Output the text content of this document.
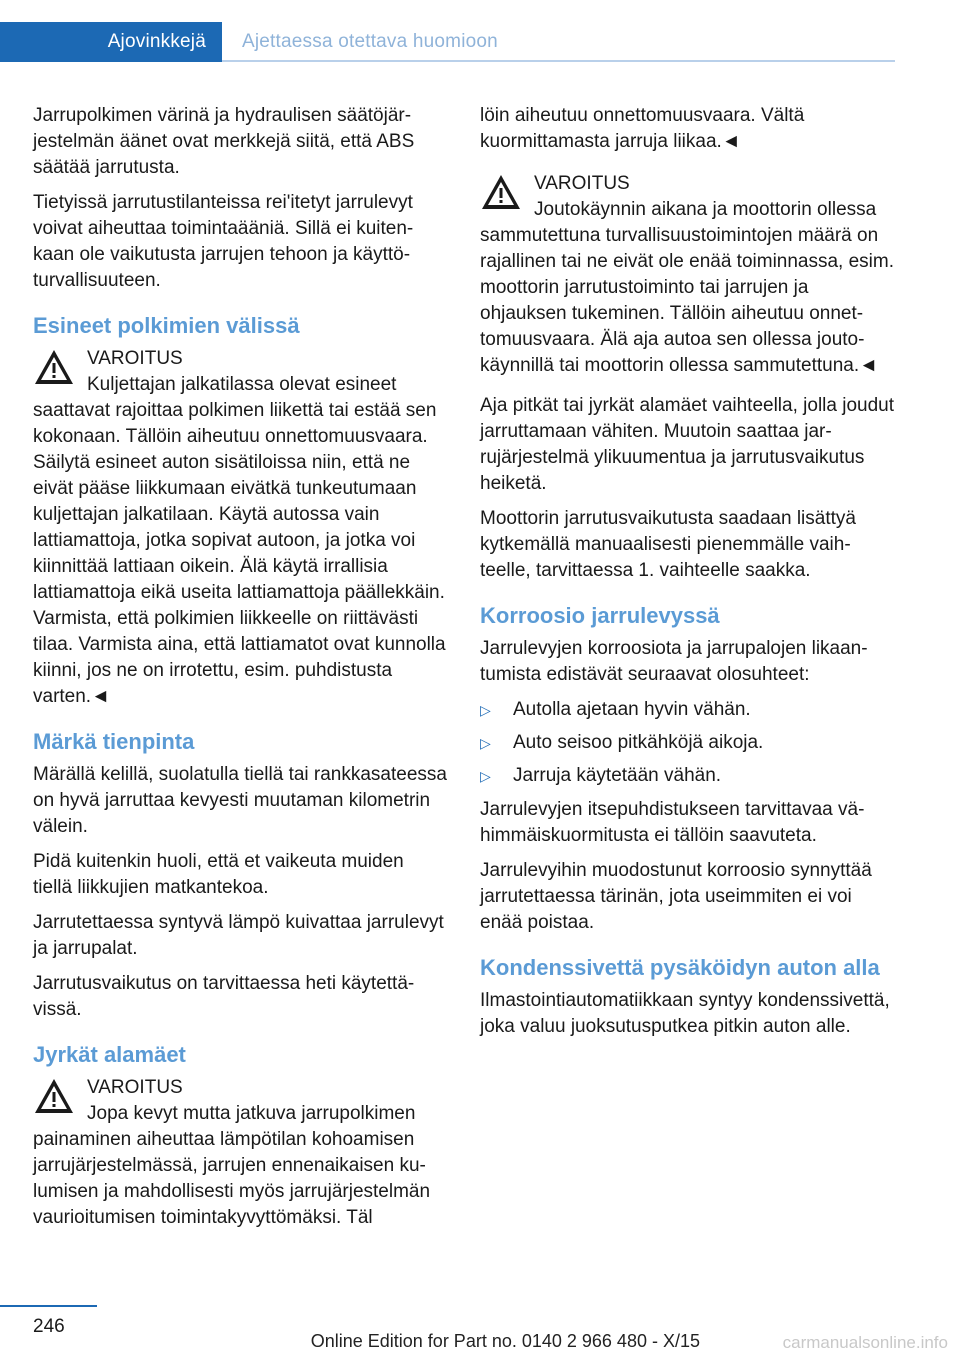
Ajovinkkejä	Ajettaessa otettava huomioon

Jarrupolkimen värinä ja hydraulisen säätöjärjestelmän äänet ovat merkkejä siitä, että ABS säätää jarrutusta.

Tietyissä jarrutustilanteissa rei'itetyt jarrulevyt voivat aiheuttaa toimintaääniä. Sillä ei kuitenkaan ole vaikutusta jarrujen tehoon ja käyttöturvallisuuteen.

Esineet polkimien välissä
VAROITUS
Kuljettajan jalkatilassa olevat esineet saattavat rajoittaa polkimen liikettä tai estää sen kokonaan. Tällöin aiheutuu onnettomuusvaara. Säilytä esineet auton sisätiloissa niin, että ne eivät pääse liikkumaan eivätkä tunkeutumaan kuljettajan jalkatilaan. Käytä autossa vain lattiamattoja, jotka sopivat autoon, ja jotka voi kiinnittää lattiaan oikein. Älä käytä irrallisia lattiamattoja eikä useita lattiamattoja päällekkäin. Varmista, että polkimien liikkeelle on riittävästi tilaa. Varmista aina, että lattiamatot ovat kunnolla kiinni, jos ne on irrotettu, esim. puhdistusta varten.◄
Märkä tienpinta

Märällä kelillä, suolatulla tiellä tai rankkasateessa on hyvä jarruttaa kevyesti muutaman kilometrin välein.

Pidä kuitenkin huoli, että et vaikeuta muiden tiellä liikkujien matkantekoa.

Jarrutettaessa syntyvä lämpö kuivattaa jarrulevyt ja jarrupalat.

Jarrutusvaikutus on tarvittaessa heti käytettävissä.

Jyrkät alamäet
VAROITUS
Jopa kevyt mutta jatkuva jarrupolkimen painaminen aiheuttaa lämpötilan kohoamisen jarrujärjestelmässä, jarrujen ennenaikaisen kulumisen ja mahdollisesti myös jarrujärjestelmän vaurioitumisen toimintakyvyttömäksi. Täl

löin aiheutuu onnettomuusvaara. Vältä kuormittamasta jarruja liikaa.◄

VAROITUS
Joutokäynnin aikana ja moottorin ollessa sammutettuna turvallisuustoimintojen määrä on rajallinen tai ne eivät ole enää toiminnassa, esim. moottorin jarrutustoiminto tai jarrujen ja ohjauksen tukeminen. Tällöin aiheutuu onnettomuusvaara. Älä aja autoa sen ollessa joutokäynnillä tai moottorin ollessa sammutettuna.◄

Aja pitkät tai jyrkät alamäet vaihteella, jolla joudut jarruttamaan vähiten. Muutoin saattaa jarrujärjestelmä ylikuumentua ja jarrutusvaikutus heiketä.

Moottorin jarrutusvaikutusta saadaan lisättyä kytkemällä manuaalisesti pienemmälle vaihteelle, tarvittaessa 1. vaihteelle saakka.

Korroosio jarrulevyssä

Jarrulevyjen korroosiota ja jarrupalojen likaantumista edistävät seuraavat olosuhteet:

▷ Autolla ajetaan hyvin vähän.
▷ Auto seisoo pitkähköjä aikoja.
▷ Jarruja käytetään vähän.

Jarrulevyjen itsepuhdistukseen tarvittavaa vähimmäiskuormitusta ei tällöin saavuteta.

Jarrulevyihin muodostunut korroosio synnyttää jarrutettaessa tärinän, jota useimmiten ei voi enää poistaa.

Kondenssivettä pysäköidyn auton alla

Ilmastointiautomatiikkaan syntyy kondenssivettä, joka valuu juoksutusputkea pitkin auton alle.

246
Online Edition for Part no. 0140 2 966 480 - X/15	carmanualsonline.info
